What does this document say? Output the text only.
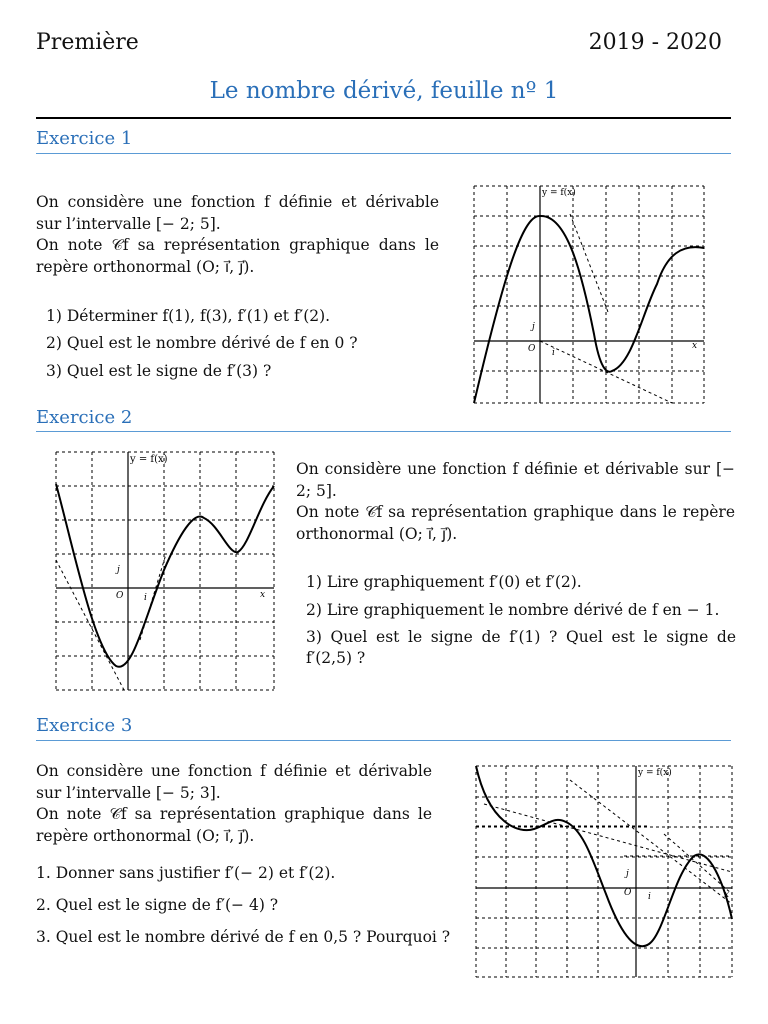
Première	2019 - 2020
Le nombre dérivé, feuille nº 1
Exercice 1
On considère une fonction f définie et dérivable sur l’intervalle [− 2; 5].
On note 𝒞f sa représentation graphique dans le repère orthonormal (O; i⃗, j⃗).
1) Déterminer f(1), f(3), f′(1) et f′(2).
2) Quel est le nombre dérivé de f en 0 ?
3) Quel est le signe de f′(3) ?
y = f(x)
O	x
j
i
Exercice 2
y = f(x)
O	x
j
i
On considère une fonction f définie et dérivable sur [− 2; 5].
On note 𝒞f sa représentation graphique dans le repère orthonormal (O; i⃗, j⃗).
1) Lire graphiquement f′(0) et f′(2).
2) Lire graphiquement le nombre dérivé de f en − 1.
3) Quel est le signe de f′(1) ? Quel est le signe de f′(2,5) ?
Exercice 3
On considère une fonction f définie et dérivable sur l’intervalle [− 5; 3].
On note 𝒞f sa représentation graphique dans le repère orthonormal (O; i⃗, j⃗).
1. Donner sans justifier f′(− 2) et f′(2).
2. Quel est le signe de f′(− 4) ?
3. Quel est le nombre dérivé de f en 0,5 ? Pourquoi ?
y = f(x)
O	x
j
i
